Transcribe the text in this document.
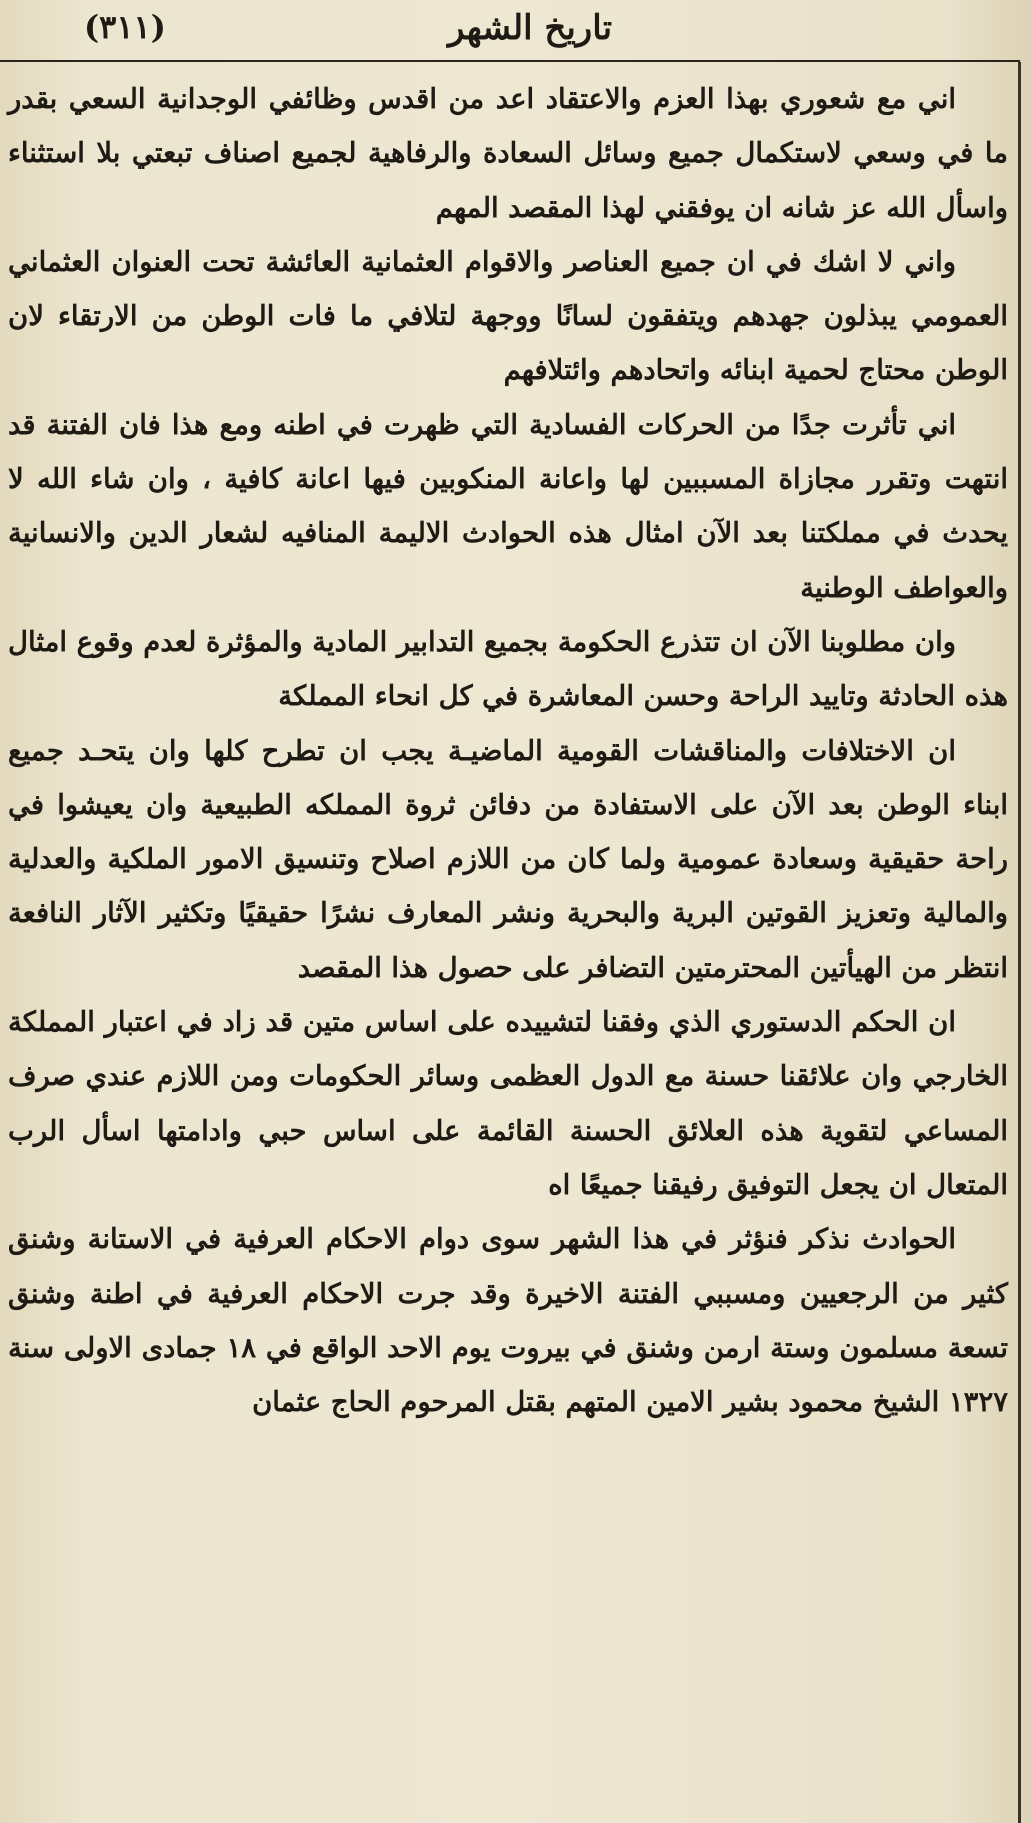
تاريخ الشهر
(٣١١)

اني مع شعوري بهذا العزم والاعتقاد اعد من اقدس وظائفي الوجدانية السعي بقدر ما في وسعي لاستكمال جميع وسائل السعادة والرفاهية لجميع اصناف تبعتي بلا استثناء واسأل الله عز شانه ان يوفقني لهذا المقصد المهم

واني لا اشك في ان جميع العناصر والاقوام العثمانية العائشة تحت العنوان العثماني العمومي يبذلون جهدهم ويتفقون لسانًا ووجهة لتلافي ما فات الوطن من الارتقاء لان الوطن محتاج لحمية ابنائه واتحادهم وائتلافهم

اني تأثرت جدًا من الحركات الفسادية التي ظهرت في اطنه ومع هذا فان الفتنة قد انتهت وتقرر مجازاة المسببين لها واعانة المنكوبين فيها اعانة كافية ، وان شاء الله لا يحدث في مملكتنا بعد الآن امثال هذه الحوادث الاليمة المنافيه لشعار الدين والانسانية والعواطف الوطنية

وان مطلوبنا الآن ان تتذرع الحكومة بجميع التدابير المادية والمؤثرة لعدم وقوع امثال هذه الحادثة وتاييد الراحة وحسن المعاشرة في كل انحاء المملكة

ان الاختلافات والمناقشات القومية الماضيـة يجب ان تطرح كلها وان يتحـد جميع ابناء الوطن بعد الآن على الاستفادة من دفائن ثروة المملكه الطبيعية وان يعيشوا في راحة حقيقية وسعادة عمومية ولما كان من اللازم اصلاح وتنسيق الامور الملكية والعدلية والمالية وتعزيز القوتين البرية والبحرية ونشر المعارف نشرًا حقيقيًا وتكثير الآثار النافعة انتظر من الهيأتين المحترمتين التضافر على حصول هذا المقصد

ان الحكم الدستوري الذي وفقنا لتشييده على اساس متين قد زاد في اعتبار المملكة الخارجي وان علائقنا حسنة مع الدول العظمى وسائر الحكومات ومن اللازم عندي صرف المساعي لتقوية هذه العلائق الحسنة القائمة على اساس حبي وادامتها اسأل الرب المتعال ان يجعل التوفيق رفيقنا جميعًا اه

الحوادث نذكر فنؤثر في هذا الشهر سوى دوام الاحكام العرفية في الاستانة وشنق كثير من الرجعيين ومسببي الفتنة الاخيرة وقد جرت الاحكام العرفية في اطنة وشنق تسعة مسلمون وستة ارمن وشنق في بيروت يوم الاحد الواقع في ١٨ جمادى الاولى سنة ١٣٢٧ الشيخ محمود بشير الامين المتهم بقتل المرحوم الحاج عثمان
